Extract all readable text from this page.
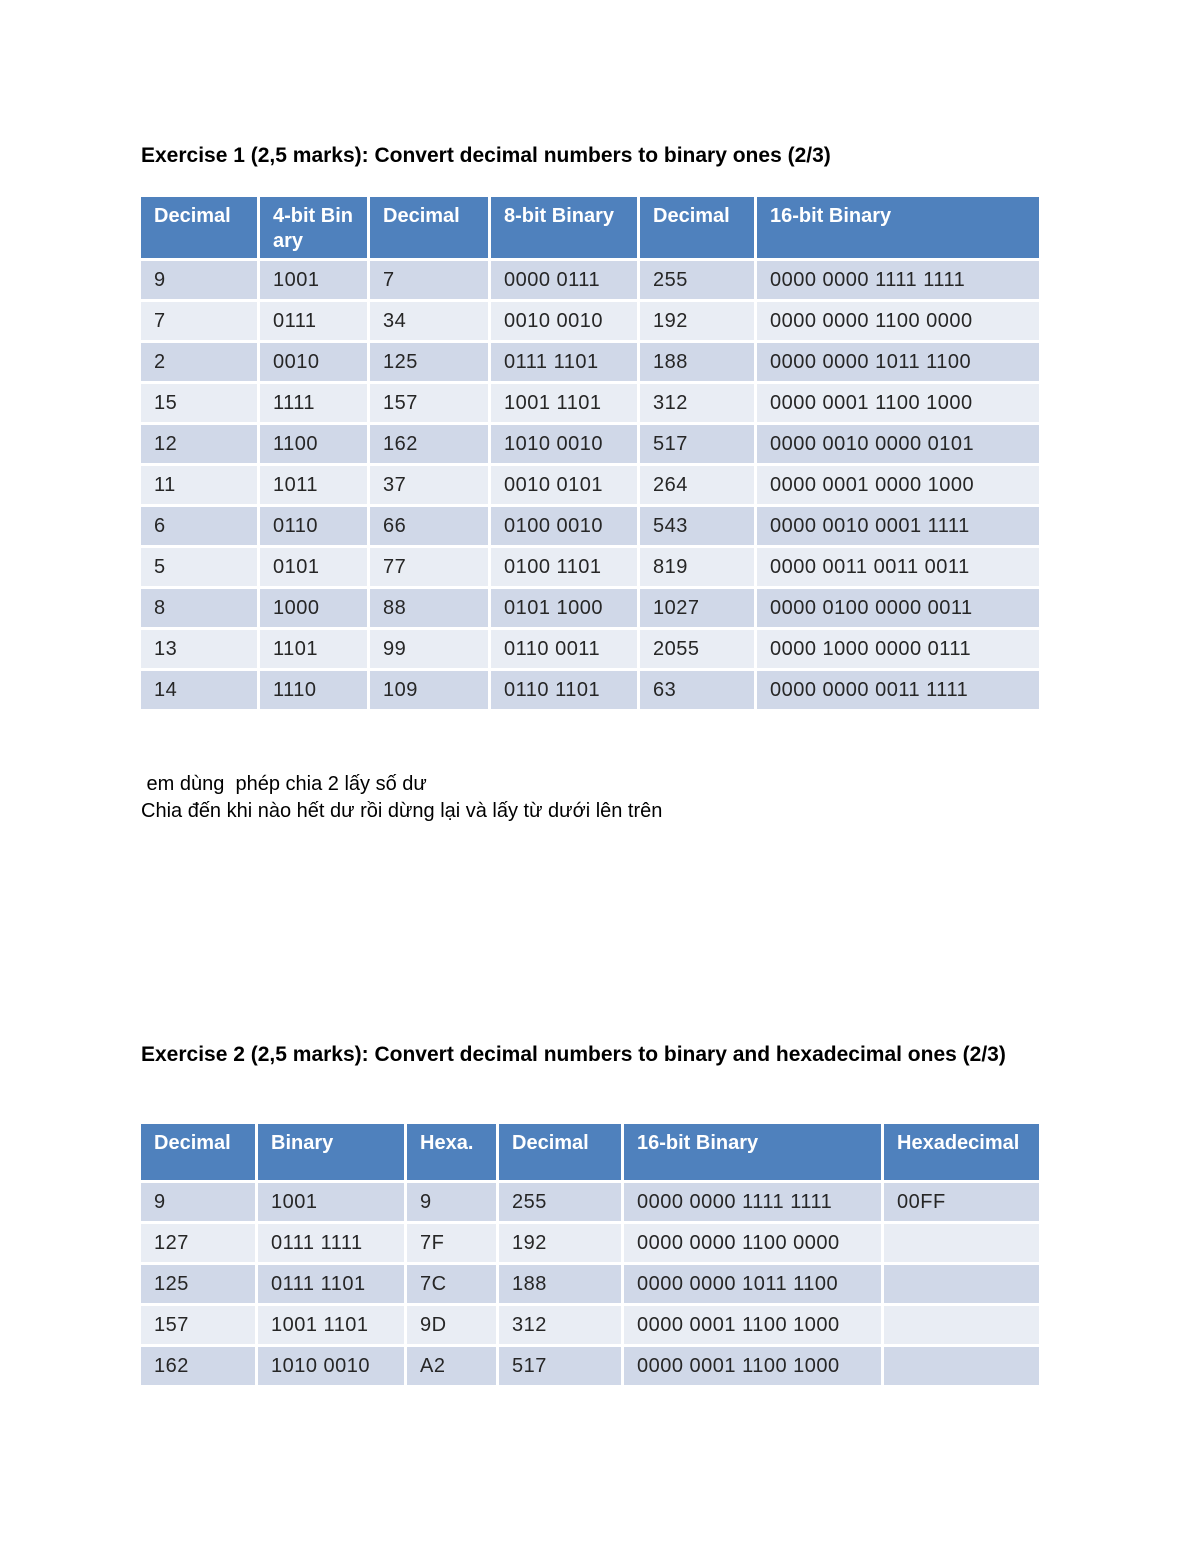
Exercise 1 (2,5 marks): Convert decimal numbers to binary ones (2/3)
Decimal	4-bit Binary	Decimal	8-bit Binary	Decimal	16-bit Binary
9	1001	7	0000 0111	255	0000 0000 1111 1111
7	0111	34	0010 0010	192	0000 0000 1100 0000
2	0010	125	0111 1101	188	0000 0000 1011 1100
15	1111	157	1001 1101	312	0000 0001 1100 1000
12	1100	162	1010 0010	517	0000 0010 0000 0101
11	1011	37	0010 0101	264	0000 0001 0000 1000
6	0110	66	0100 0010	543	0000 0010 0001 1111
5	0101	77	0100 1101	819	0000 0011 0011 0011
8	1000	88	0101 1000	1027	0000 0100 0000 0011
13	1101	99	0110 0011	2055	0000 1000 0000 0111
14	1110	109	0110 1101	63	0000 0000 0011 1111
em dùng  phép chia 2 lấy số dư
Chia đến khi nào hết dư rồi dừng lại và lấy từ dưới lên trên
Exercise 2 (2,5 marks): Convert decimal numbers to binary and hexadecimal ones (2/3)
Decimal	Binary	Hexa.	Decimal	16-bit Binary	Hexadecimal
9	1001	9	255	0000 0000 1111 1111	00FF
127	0111 1111	7F	192	0000 0000 1100 0000	
125	0111 1101	7C	188	0000 0000 1011 1100	
157	1001 1101	9D	312	0000 0001 1100 1000	
162	1010 0010	A2	517	0000 0001 1100 1000	
